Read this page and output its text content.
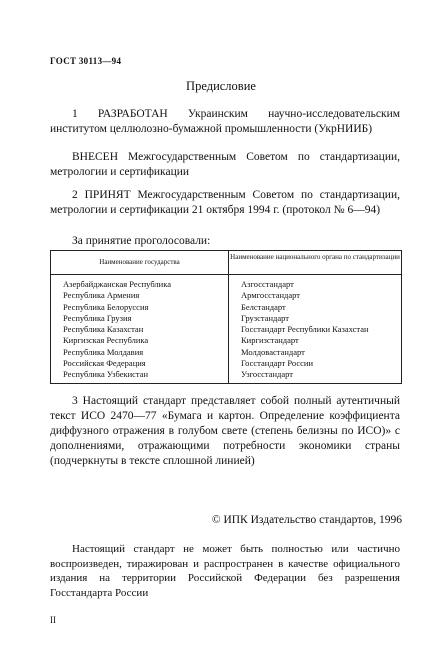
ГОСТ 30113—94
Предисловие

1 РАЗРАБОТАН Украинским научно-исследовательским институтом целлюлозно-бумажной промышленности (УкрНИИБ)

ВНЕСЕН Межгосударственным Советом по стандартизации, метрологии и сертификации

2 ПРИНЯТ Межгосударственным Советом по стандартизации, метрологии и сертификации 21 октября 1994 г. (протокол № 6—94)

За принятие проголосовали:
Наименование государства
Наименование национального органа по стандартизации
Азербайджанская Республика
Республика Армения
Республика Белоруссия
Республика Грузия
Республика Казахстан
Киргизская Республика
Республика Молдавия
Российская Федерация
Республика Узбекистан
Азгосстандарт
Армгосстандарт
Белстандарт
Грузстандарт
Госстандарт Республики Казахстан
Киргизстандарт
Молдовастандарт
Госстандарт России
Узгосстандарт

3 Настоящий стандарт представляет собой полный аутентичный текст ИСО 2470—77 «Бумага и картон. Определение коэффициента диффузного отражения в голубом свете (степень белизны по ИСО)» с дополнениями, отражающими потребности экономики страны (подчеркнуты в тексте сплошной линией)

© ИПК Издательство стандартов, 1996

Настоящий стандарт не может быть полностью или частично воспроизведен, тиражирован и распространен в качестве официального издания на территории Российской Федерации без разрешения Госстандарта России

II
